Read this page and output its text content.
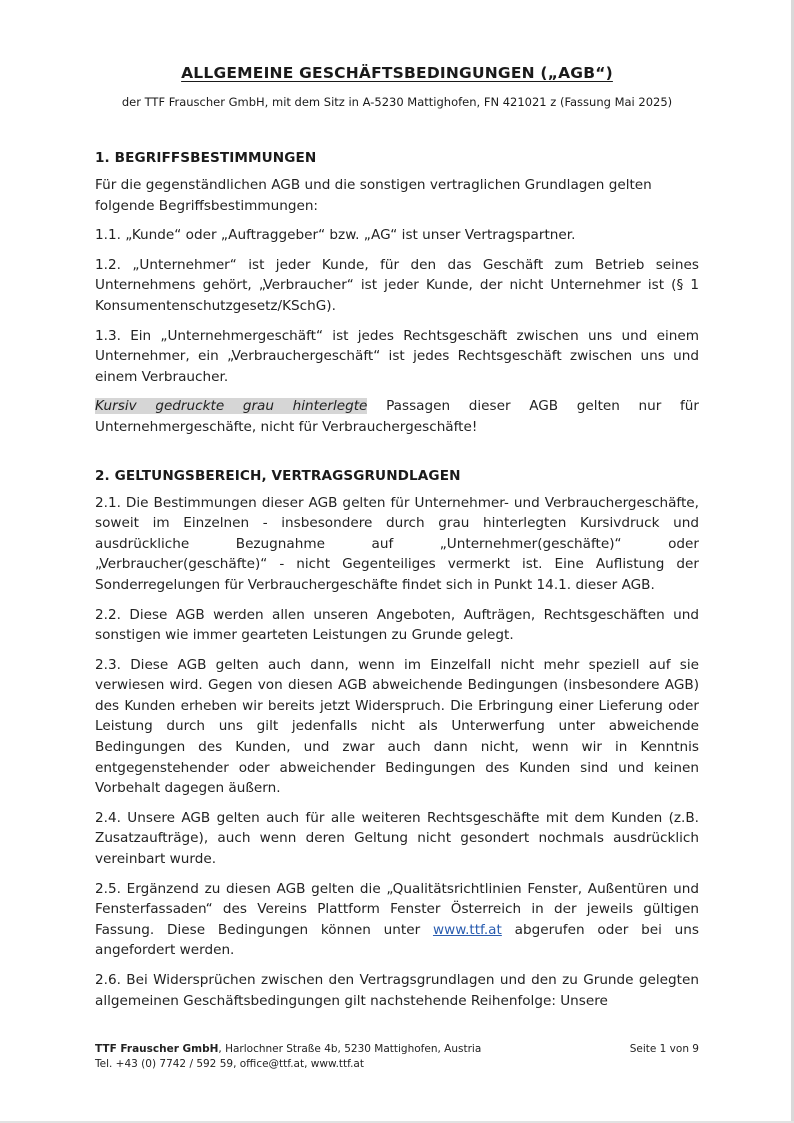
ALLGEMEINE GESCHÄFTSBEDINGUNGEN („AGB“)

der TTF Frauscher GmbH, mit dem Sitz in A-5230 Mattighofen, FN 421021 z (Fassung Mai 2025)

1. BEGRIFFSBESTIMMUNGEN

Für die gegenständlichen AGB und die sonstigen vertraglichen Grundlagen gelten folgende Begriffsbestimmungen:

1.1. „Kunde“ oder „Auftraggeber“ bzw. „AG“ ist unser Vertragspartner.

1.2. „Unternehmer“ ist jeder Kunde, für den das Geschäft zum Betrieb seines Unternehmens gehört, „Verbraucher“ ist jeder Kunde, der nicht Unternehmer ist (§ 1 Konsumentenschutzgesetz/KSchG).

1.3. Ein „Unternehmergeschäft“ ist jedes Rechtsgeschäft zwischen uns und einem Unternehmer, ein „Verbrauchergeschäft“ ist jedes Rechtsgeschäft zwischen uns und einem Verbraucher.

Kursiv gedruckte grau hinterlegte Passagen dieser AGB gelten nur für Unternehmergeschäfte, nicht für Verbrauchergeschäfte!

2. GELTUNGSBEREICH, VERTRAGSGRUNDLAGEN

2.1. Die Bestimmungen dieser AGB gelten für Unternehmer- und Verbrauchergeschäfte, soweit im Einzelnen - insbesondere durch grau hinterlegten Kursivdruck und ausdrückliche Bezugnahme auf „Unternehmer(geschäfte)“ oder „Verbraucher(geschäfte)“ - nicht Gegenteiliges vermerkt ist. Eine Auflistung der Sonderregelungen für Verbrauchergeschäfte findet sich in Punkt 14.1. dieser AGB.

2.2. Diese AGB werden allen unseren Angeboten, Aufträgen, Rechtsgeschäften und sonstigen wie immer gearteten Leistungen zu Grunde gelegt.

2.3. Diese AGB gelten auch dann, wenn im Einzelfall nicht mehr speziell auf sie verwiesen wird. Gegen von diesen AGB abweichende Bedingungen (insbesondere AGB) des Kunden erheben wir bereits jetzt Widerspruch. Die Erbringung einer Lieferung oder Leistung durch uns gilt jedenfalls nicht als Unterwerfung unter abweichende Bedingungen des Kunden, und zwar auch dann nicht, wenn wir in Kenntnis entgegenstehender oder abweichender Bedingungen des Kunden sind und keinen Vorbehalt dagegen äußern.

2.4. Unsere AGB gelten auch für alle weiteren Rechtsgeschäfte mit dem Kunden (z.B. Zusatzaufträge), auch wenn deren Geltung nicht gesondert nochmals ausdrücklich vereinbart wurde.

2.5. Ergänzend zu diesen AGB gelten die „Qualitätsrichtlinien Fenster, Außentüren und Fensterfassaden“ des Vereins Plattform Fenster Österreich in der jeweils gültigen Fassung. Diese Bedingungen können unter www.ttf.at abgerufen oder bei uns angefordert werden.

2.6. Bei Widersprüchen zwischen den Vertragsgrundlagen und den zu Grunde gelegten allgemeinen Geschäftsbedingungen gilt nachstehende Reihenfolge: Unsere

TTF Frauscher GmbH, Harlochner Straße 4b, 5230 Mattighofen, Austria
Tel. +43 (0) 7742 / 592 59, office@ttf.at, www.ttf.at
Seite 1 von 9
